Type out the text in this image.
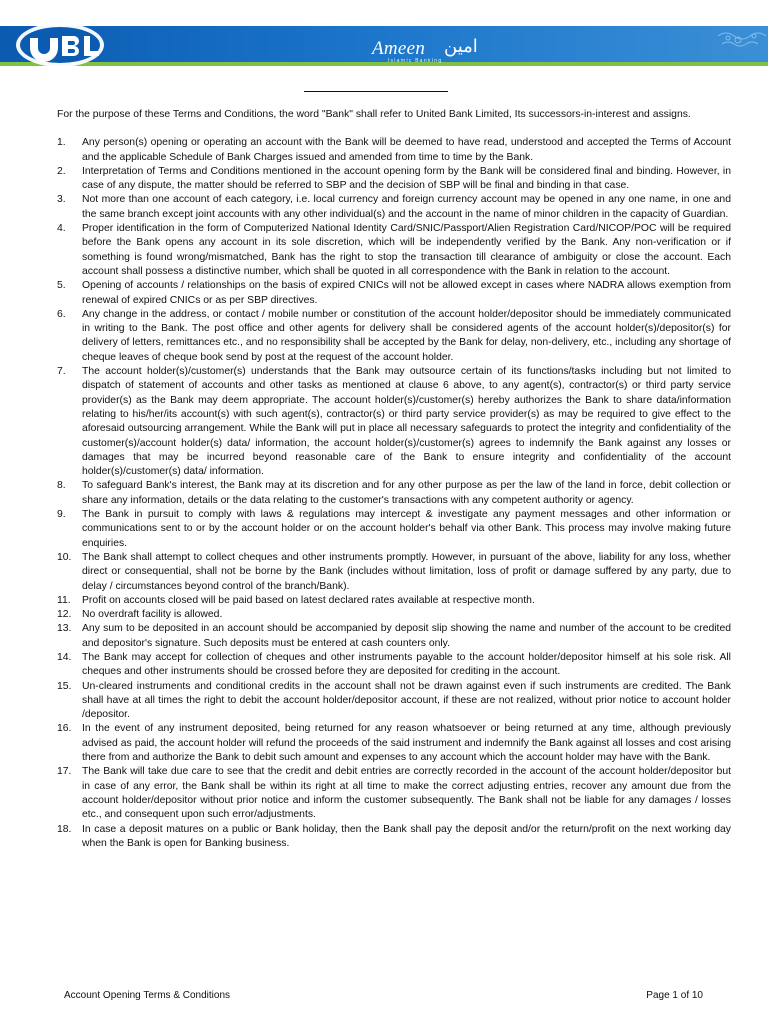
UBL
Ameen امین
Islamic Banking

For the purpose of these Terms and Conditions, the word "Bank" shall refer to United Bank Limited, Its successors-in-interest and assigns.

1. Any person(s) opening or operating an account with the Bank will be deemed to have read, understood and accepted the Terms of Account and the applicable Schedule of Bank Charges issued and amended from time to time by the Bank.
2. Interpretation of Terms and Conditions mentioned in the account opening form by the Bank will be considered final and binding. However, in case of any dispute, the matter should be referred to SBP and the decision of SBP will be final and binding in that case.
3. Not more than one account of each category, i.e. local currency and foreign currency account may be opened in any one name, in one and the same branch except joint accounts with any other individual(s) and the account in the name of minor children in the capacity of Guardian.
4. Proper identification in the form of Computerized National Identity Card/SNIC/Passport/Alien Registration Card/NICOP/POC will be required before the Bank opens any account in its sole discretion, which will be independently verified by the Bank. Any non-verification or if something is found wrong/mismatched, Bank has the right to stop the transaction till clearance of ambiguity or close the account. Each account shall possess a distinctive number, which shall be quoted in all correspondence with the Bank in relation to the account.
5. Opening of accounts / relationships on the basis of expired CNICs will not be allowed except in cases where NADRA allows exemption from renewal of expired CNICs or as per SBP directives.
6. Any change in the address, or contact / mobile number or constitution of the account holder/depositor should be immediately communicated in writing to the Bank. The post office and other agents for delivery shall be considered agents of the account holder(s)/depositor(s) for delivery of letters, remittances etc., and no responsibility shall be accepted by the Bank for delay, non-delivery, etc., including any shortage of cheque leaves of cheque book send by post at the request of the account holder.
7. The account holder(s)/customer(s) understands that the Bank may outsource certain of its functions/tasks including but not limited to dispatch of statement of accounts and other tasks as mentioned at clause 6 above, to any agent(s), contractor(s) or third party service provider(s) as the Bank may deem appropriate. The account holder(s)/customer(s) hereby authorizes the Bank to share data/information relating to his/her/its account(s) with such agent(s), contractor(s) or third party service provider(s) as may be required to give effect to the aforesaid outsourcing arrangement. While the Bank will put in place all necessary safeguards to protect the integrity and confidentiality of the customer(s)/account holder(s) data/ information, the account holder(s)/customer(s) agrees to indemnify the Bank against any losses or damages that may be incurred beyond reasonable care of the Bank to ensure integrity and confidentiality of the account holder(s)/customer(s) data/ information.
8. To safeguard Bank's interest, the Bank may at its discretion and for any other purpose as per the law of the land in force, debit collection or share any information, details or the data relating to the customer's transactions with any competent authority or agency.
9. The Bank in pursuit to comply with laws & regulations may intercept & investigate any payment messages and other information or communications sent to or by the account holder or on the account holder's behalf via other Bank. This process may involve making future enquiries.
10. The Bank shall attempt to collect cheques and other instruments promptly. However, in pursuant of the above, liability for any loss, whether direct or consequential, shall not be borne by the Bank (includes without limitation, loss of profit or damage suffered by any party, due to delay / circumstances beyond control of the branch/Bank).
11. Profit on accounts closed will be paid based on latest declared rates available at respective month.
12. No overdraft facility is allowed.
13. Any sum to be deposited in an account should be accompanied by deposit slip showing the name and number of the account to be credited and depositor's signature. Such deposits must be entered at cash counters only.
14. The Bank may accept for collection of cheques and other instruments payable to the account holder/depositor himself at his sole risk. All cheques and other instruments should be crossed before they are deposited for crediting in the account.
15. Un-cleared instruments and conditional credits in the account shall not be drawn against even if such instruments are credited. The Bank shall have at all times the right to debit the account holder/depositor account, if these are not realized, without prior notice to account holder /depositor.
16. In the event of any instrument deposited, being returned for any reason whatsoever or being returned at any time, although previously advised as paid, the account holder will refund the proceeds of the said instrument and indemnify the Bank against all losses and cost arising there from and authorize the Bank to debit such amount and expenses to any account which the account holder may have with the Bank.
17. The Bank will take due care to see that the credit and debit entries are correctly recorded in the account of the account holder/depositor but in case of any error, the Bank shall be within its right at all time to make the correct adjusting entries, recover any amount due from the account holder/depositor without prior notice and inform the customer subsequently. The Bank shall not be liable for any damages / losses etc., and consequent upon such error/adjustments.
18. In case a deposit matures on a public or Bank holiday, then the Bank shall pay the deposit and/or the return/profit on the next working day when the Bank is open for Banking business.
Account Opening Terms & Conditions	Page 1 of 10
